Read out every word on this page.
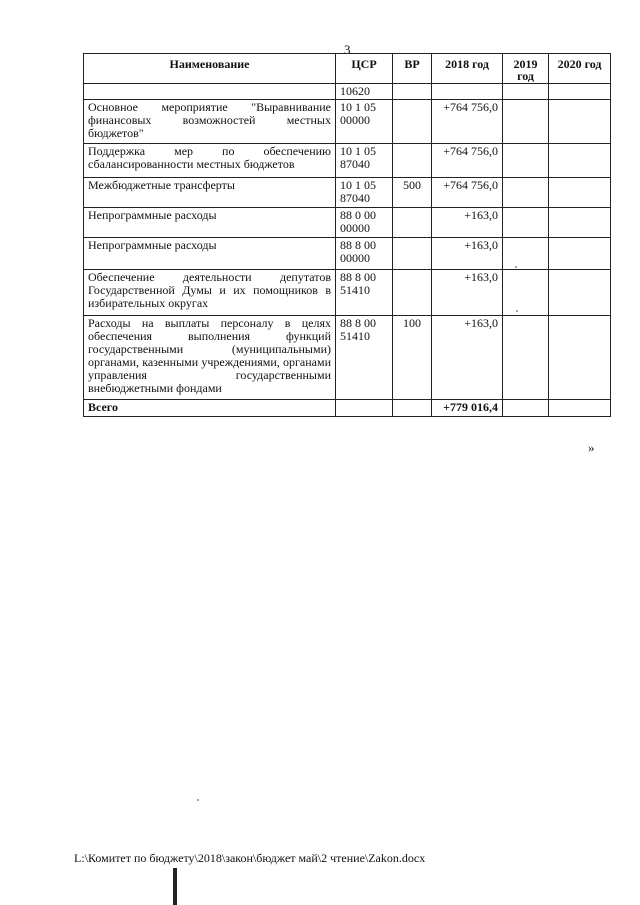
3
Наименование	ЦСР	ВР	2018 год	2019 год	2020 год
	10620				
Основное мероприятие "Выравнивание финансовых возможностей местных бюджетов"	10 1 05 00000		+764 756,0		
Поддержка мер по обеспечению сбалансированности местных бюджетов	10 1 05 87040		+764 756,0		
Межбюджетные трансферты	10 1 05 87040	500	+764 756,0		
Непрограммные расходы	88 0 00 00000		+163,0		
Непрограммные расходы	88 8 00 00000		+163,0		
Обеспечение деятельности депутатов Государственной Думы и их помощников в избирательных округах	88 8 00 51410		+163,0		
Расходы на выплаты персоналу в целях обеспечения выполнения функций государственными (муниципальными) органами, казенными учреждениями, органами управления государственными внебюджетными фондами	88 8 00 51410	100	+163,0		
Всего			+779 016,4		
»
L:\Комитет по бюджету\2018\закон\бюджет май\2 чтение\Zakon.docx
